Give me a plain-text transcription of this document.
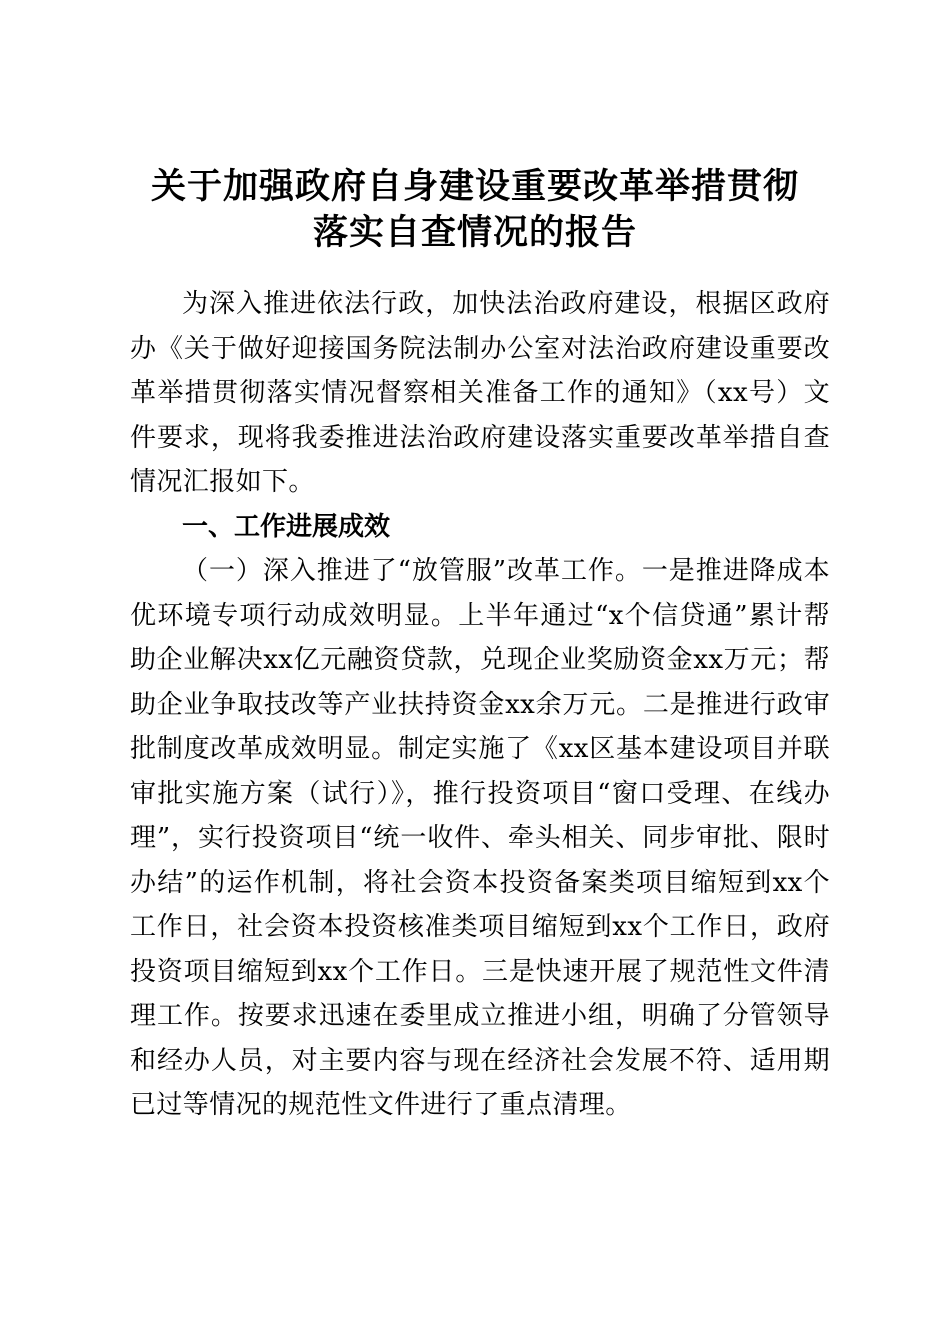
关于加强政府自身建设重要改革举措贯彻
落实自查情况的报告

为深入推进依法行政，加快法治政府建设，根据区政府办《关于做好迎接国务院法制办公室对法治政府建设重要改革举措贯彻落实情况督察相关准备工作的通知》（xx号）文件要求，现将我委推进法治政府建设落实重要改革举措自查情况汇报如下。

一、工作进展成效

（一）深入推进了“放管服”改革工作。一是推进降成本优环境专项行动成效明显。上半年通过“x个信贷通”累计帮助企业解决xx亿元融资贷款，兑现企业奖励资金xx万元；帮助企业争取技改等产业扶持资金xx余万元。二是推进行政审批制度改革成效明显。制定实施了《xx区基本建设项目并联审批实施方案（试行）》，推行投资项目“窗口受理、在线办理”，实行投资项目“统一收件、牵头相关、同步审批、限时办结”的运作机制，将社会资本投资备案类项目缩短到xx个工作日，社会资本投资核准类项目缩短到xx个工作日，政府投资项目缩短到xx个工作日。三是快速开展了规范性文件清理工作。按要求迅速在委里成立推进小组，明确了分管领导和经办人员，对主要内容与现在经济社会发展不符、适用期已过等情况的规范性文件进行了重点清理。
